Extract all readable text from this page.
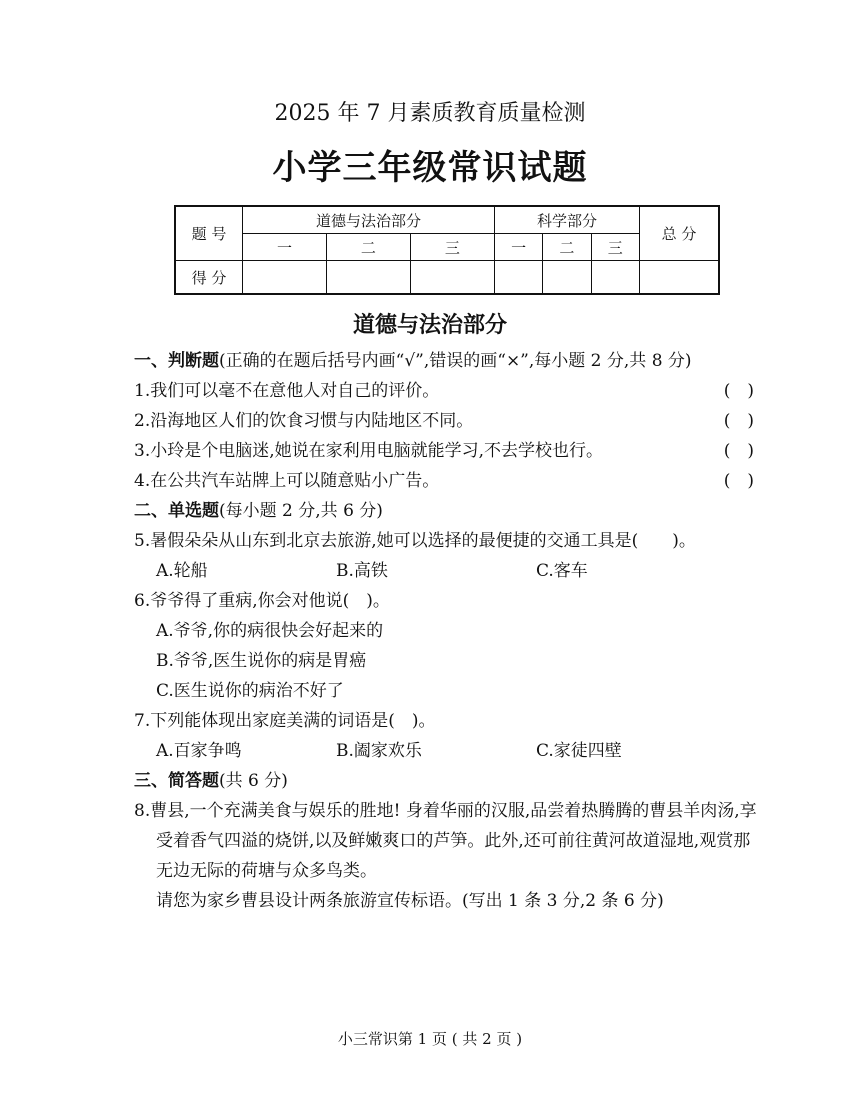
2025 年 7 月素质教育质量检测
小学三年级常识试题
题 号	道德与法治部分			科学部分			总 分
	一	二	三	一	二	三	
得 分							
道德与法治部分
一、判断题(正确的在题后括号内画“√”,错误的画“×”,每小题 2 分,共 8 分)
1.我们可以毫不在意他人对自己的评价。	(　)
2.沿海地区人们的饮食习惯与内陆地区不同。	(　)
3.小玲是个电脑迷,她说在家利用电脑就能学习,不去学校也行。	(　)
4.在公共汽车站牌上可以随意贴小广告。	(　)
二、单选题(每小题 2 分,共 6 分)
5.暑假朵朵从山东到北京去旅游,她可以选择的最便捷的交通工具是(　　)。
A.轮船	B.高铁	C.客车
6.爷爷得了重病,你会对他说(　)。
A.爷爷,你的病很快会好起来的
B.爷爷,医生说你的病是胃癌
C.医生说你的病治不好了
7.下列能体现出家庭美满的词语是(　)。
A.百家争鸣	B.阖家欢乐	C.家徒四壁
三、简答题(共 6 分)
8.曹县,一个充满美食与娱乐的胜地! 身着华丽的汉服,品尝着热腾腾的曹县羊肉汤,享受着香气四溢的烧饼,以及鲜嫩爽口的芦笋。此外,还可前往黄河故道湿地,观赏那无边无际的荷塘与众多鸟类。
请您为家乡曹县设计两条旅游宣传标语。(写出 1 条 3 分,2 条 6 分)
小三常识第 1 页 ( 共 2 页 )
